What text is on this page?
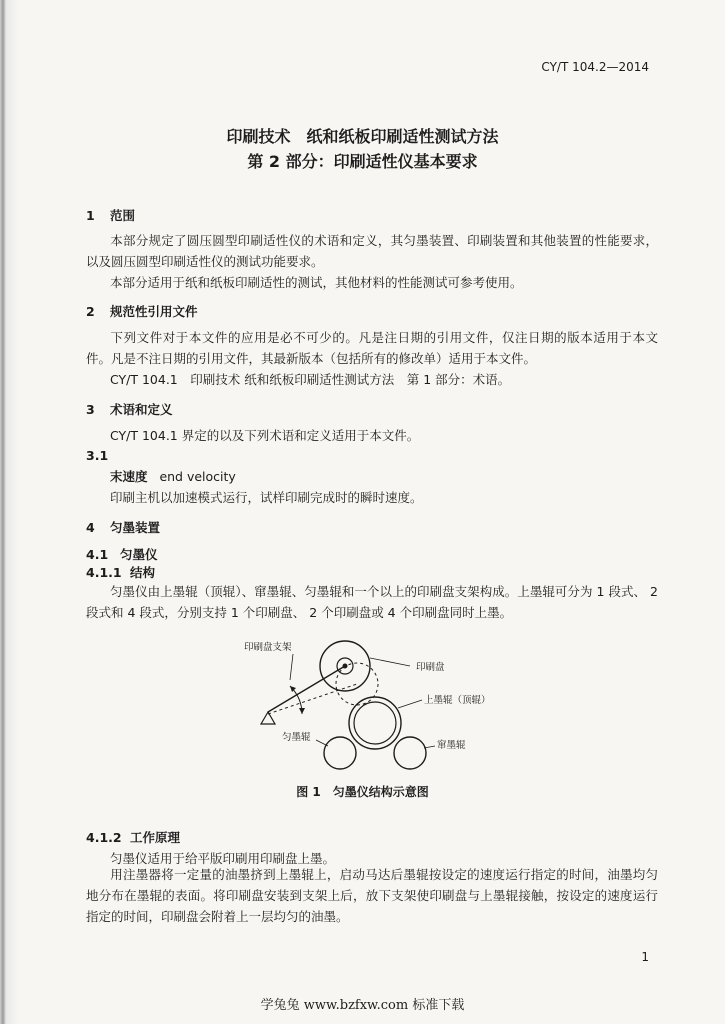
CY/T 104.2—2014
印刷技术　纸和纸板印刷适性测试方法
第 2 部分：印刷适性仪基本要求
1 范围
本部分规定了圆压圆型印刷适性仪的术语和定义，其匀墨装置、印刷装置和其他装置的性能要求，以及圆压圆型印刷适性仪的测试功能要求。
本部分适用于纸和纸板印刷适性的测试，其他材料的性能测试可参考使用。
2 规范性引用文件
下列文件对于本文件的应用是必不可少的。凡是注日期的引用文件，仅注日期的版本适用于本文件。凡是不注日期的引用文件，其最新版本（包括所有的修改单）适用于本文件。
CY/T 104.1　印刷技术 纸和纸板印刷适性测试方法　第 1 部分：术语。
3 术语和定义
CY/T 104.1 界定的以及下列术语和定义适用于本文件。
3.1
末速度 end velocity
印刷主机以加速模式运行，试样印刷完成时的瞬时速度。
4 匀墨装置
4.1 匀墨仪
4.1.1 结构
匀墨仪由上墨辊（顶辊）、窜墨辊、匀墨辊和一个以上的印刷盘支架构成。上墨辊可分为 1 段式、 2 段式和 4 段式，分别支持 1 个印刷盘、 2 个印刷盘或 4 个印刷盘同时上墨。
印刷盘支架
印刷盘
上墨辊（顶辊）
匀墨辊
窜墨辊
图 1　匀墨仪结构示意图
4.1.2 工作原理
匀墨仪适用于给平版印刷用印刷盘上墨。
用注墨器将一定量的油墨挤到上墨辊上，启动马达后墨辊按设定的速度运行指定的时间，油墨均匀地分布在墨辊的表面。将印刷盘安装到支架上后，放下支架使印刷盘与上墨辊接触，按设定的速度运行指定的时间，印刷盘会附着上一层均匀的油墨。
1
学兔兔 www.bzfxw.com 标准下载
